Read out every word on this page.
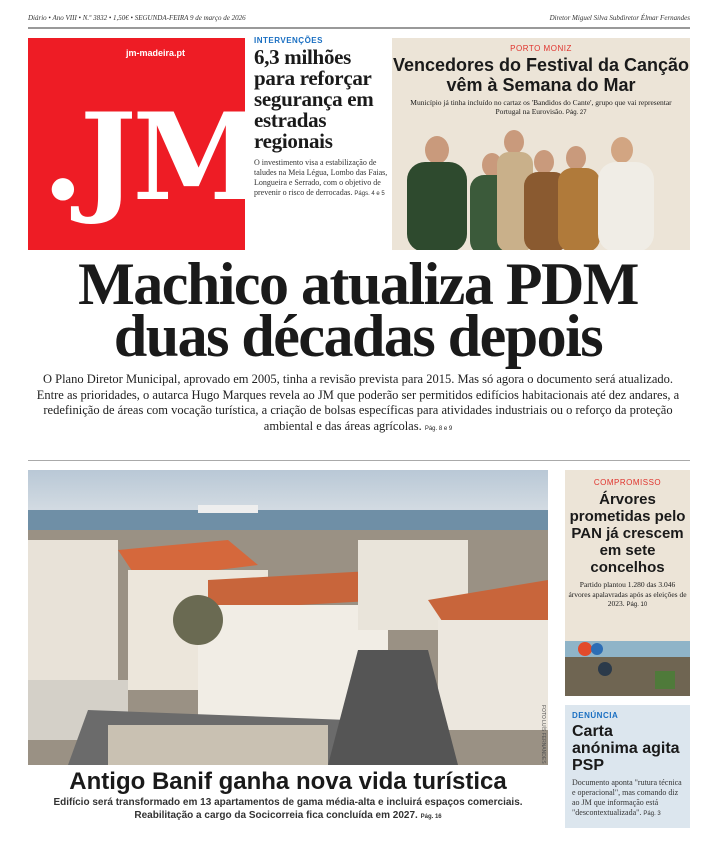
Diário • Ano VIII • N.º 3832 • 1,50€ • SEGUNDA-FEIRA 9 de março de 2026	Diretor Miguel Silva Subdiretor Élmar Fernandes
jm-madeira.pt
.JM
INTERVENÇÕES
6,3 milhões para reforçar segurança em estradas regionais

O investimento visa a estabilização de taludes na Meia Légua, Lombo das Faias, Longueira e Serrado, com o objetivo de prevenir o risco de derrocadas. Págs. 4 e 5

PORTO MONIZ
Vencedores do Festival da Canção vêm à Semana do Mar

Município já tinha incluído no cartaz os 'Bandidos do Cante', grupo que vai representar Portugal na Eurovisão. Pág. 27

Machico atualiza PDM duas décadas depois

O Plano Diretor Municipal, aprovado em 2005, tinha a revisão prevista para 2015. Mas só agora o documento será atualizado. Entre as prioridades, o autarca Hugo Marques revela ao JM que poderão ser permitidos edifícios habitacionais até dez andares, a redefinição de áreas com vocação turística, a criação de bolsas específicas para atividades industriais ou o reforço da proteção ambiental e das áreas agrícolas. Pág. 8 e 9

FOTO LUÍS FERNANDES
Antigo Banif ganha nova vida turística

Edifício será transformado em 13 apartamentos de gama média-alta e incluirá espaços comerciais.

Reabilitação a cargo da Socicorreia fica concluída em 2027. Pág. 16

COMPROMISSO
Árvores prometidas pelo PAN já crescem em sete concelhos

Partido plantou 1.280 das 3.046 árvores apalavradas após as eleições de 2023. Pág. 10

DENÚNCIA
Carta anónima agita PSP

Documento aponta "rutura técnica e operacional", mas comando diz ao JM que informação está "descontextualizada". Pág. 3
